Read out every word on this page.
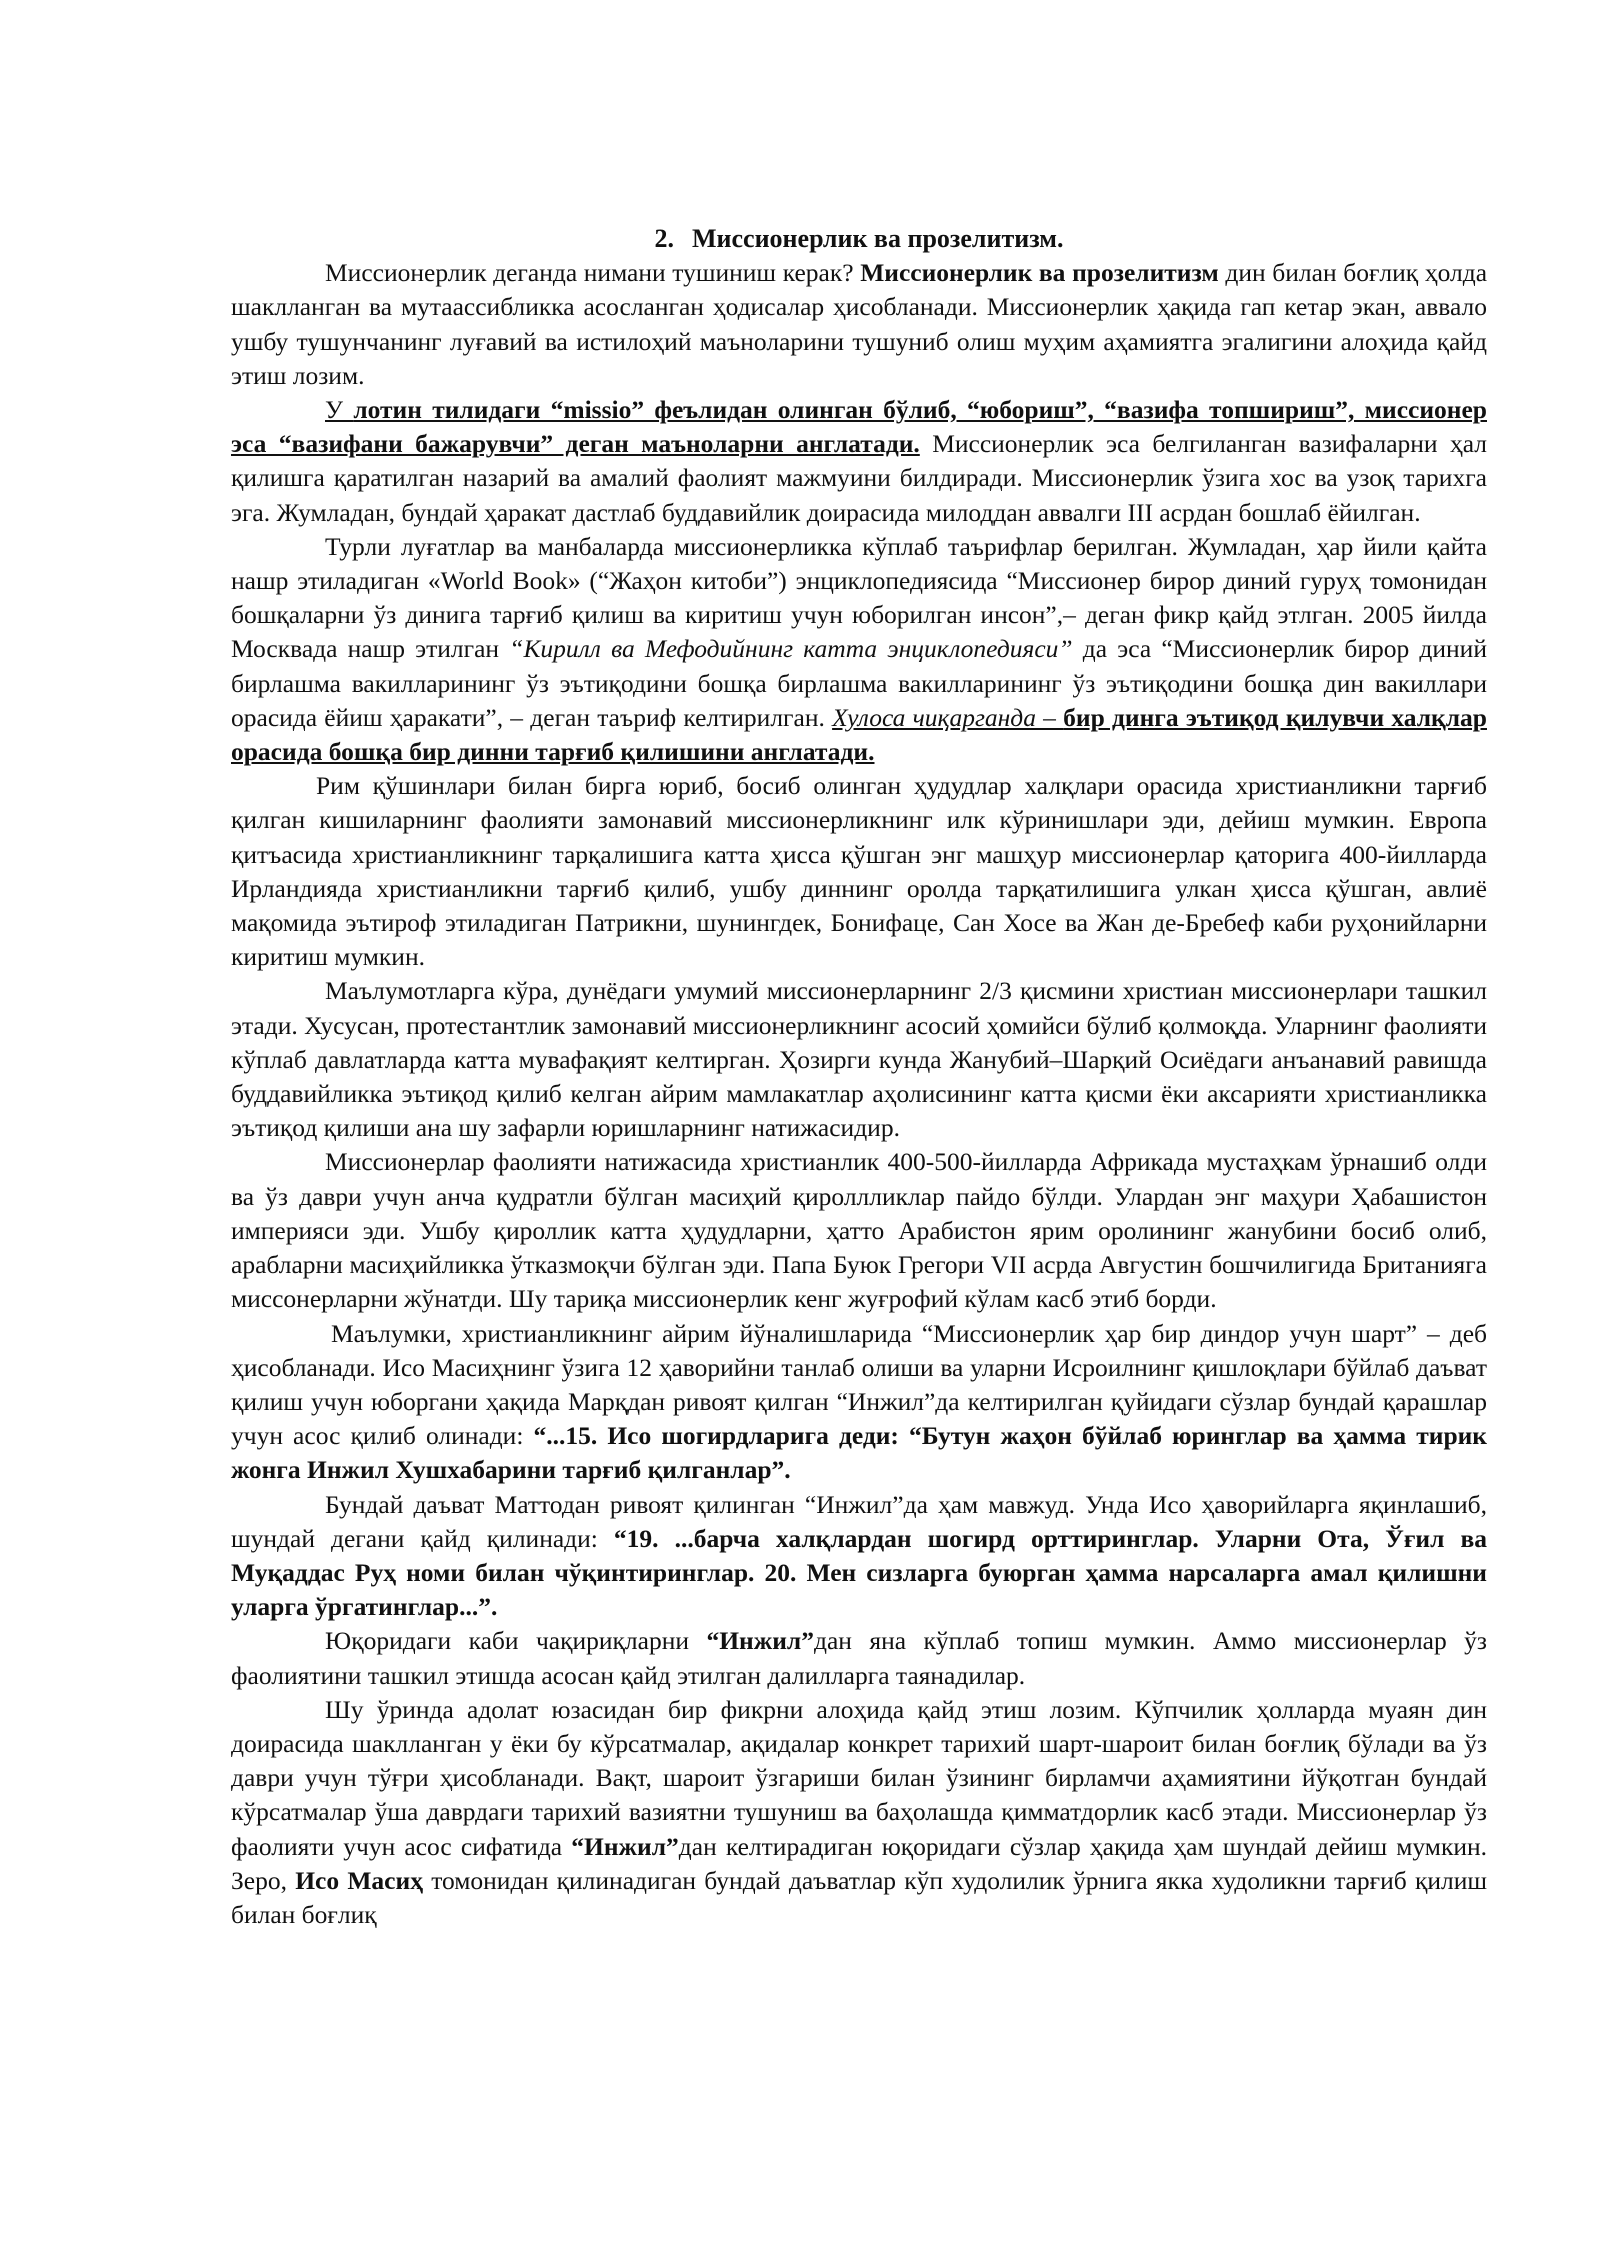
2. Миссионерлик ва прозелитизм.

Миссионерлик деганда нимани тушиниш керак? Миссионерлик ва прозелитизм дин билан боғлиқ ҳолда шаклланган ва мутаассибликка асосланган ҳодисалар ҳисобланади. Миссионерлик ҳақида гап кетар экан, аввало ушбу тушунчанинг луғавий ва истилоҳий маъноларини тушуниб олиш муҳим аҳамиятга эгалигини алоҳида қайд этиш лозим.

У лотин тилидаги “missio” феълидан олинган бўлиб, “юбориш”, “вазифа топшириш”, миссионер эса “вазифани бажарувчи” деган маъноларни англатади. Миссионерлик эса белгиланган вазифаларни ҳал қилишга қаратилган назарий ва амалий фаолият мажмуини билдиради. Миссионерлик ўзига хос ва узоқ тарихга эга. Жумладан, бундай ҳаракат дастлаб буддавийлик доирасида милоддан аввалги III асрдан бошлаб ёйилган.

Турли луғатлар ва манбаларда миссионерликка кўплаб таърифлар берилган. Жумладан, ҳар йили қайта нашр этиладиган «World Book» (“Жаҳон китоби”) энциклопедиясида “Миссионер бирор диний гуруҳ томонидан бошқаларни ўз динига тарғиб қилиш ва киритиш учун юборилган инсон”,– деган фикр қайд этлган. 2005 йилда Москвада нашр этилган “Кирилл ва Мефодийнинг катта энциклопедияси” да эса “Миссионерлик бирор диний бирлашма вакилларининг ўз эътиқодини бошқа бирлашма вакилларининг ўз эътиқодини бошқа дин вакиллари орасида ёйиш ҳаракати”, – деган таъриф келтирилган. Хулоса чиқарганда – бир динга эътиқод қилувчи халқлар орасида бошқа бир динни тарғиб қилишини англатади.

Рим қўшинлари билан бирга юриб, босиб олинган ҳудудлар халқлари орасида христианликни тарғиб қилган кишиларнинг фаолияти замонавий миссионерликнинг илк кўринишлари эди, дейиш мумкин. Европа қитъасида христианликнинг тарқалишига катта ҳисса қўшган энг машҳур миссионерлар қаторига 400-йилларда Ирландияда христианликни тарғиб қилиб, ушбу диннинг оролда тарқатилишига улкан ҳисса қўшган, авлиё мақомида эътироф этиладиган Патрикни, шунингдек, Бонифаце, Сан Хосе ва Жан де-Бребеф каби руҳонийларни киритиш мумкин.

Маълумотларга кўра, дунёдаги умумий миссионерларнинг 2/3 қисмини христиан миссионерлари ташкил этади. Хусусан, протестантлик замонавий миссионерликнинг асосий ҳомийси бўлиб қолмоқда. Уларнинг фаолияти кўплаб давлатларда катта мувафақият келтирган. Ҳозирги кунда Жанубий–Шарқий Осиёдаги анъанавий равишда буддавийликка эътиқод қилиб келган айрим мамлакатлар аҳолисининг катта қисми ёки аксарияти христианликка эътиқод қилиши ана шу зафарли юришларнинг натижасидир.

Миссионерлар фаолияти натижасида христианлик 400-500-йилларда Африкада мустаҳкам ўрнашиб олди ва ўз даври учун анча қудратли бўлган масиҳий қироллликлар пайдо бўлди. Улардан энг маҳури Ҳабашистон империяси эди. Ушбу қироллик катта ҳудудларни, ҳатто Арабистон ярим оролининг жанубини босиб олиб, арабларни масиҳийликка ўтказмоқчи бўлган эди. Папа Буюк Грегори VII асрда Августин бошчилигида Британияга миссонерларни жўнатди. Шу тариқа миссионерлик кенг жуғрофий кўлам касб этиб борди.

Маълумки, христианликнинг айрим йўналишларида “Миссионерлик ҳар бир диндор учун шарт” – деб ҳисобланади. Исо Масиҳнинг ўзига 12 ҳаворийни танлаб олиши ва уларни Исроилнинг қишлоқлари бўйлаб даъват қилиш учун юборгани ҳақида Марқдан ривоят қилган “Инжил”да келтирилган қуйидаги сўзлар бундай қарашлар учун асос қилиб олинади: “...15. Исо шогирдларига деди: “Бутун жаҳон бўйлаб юринглар ва ҳамма тирик жонга Инжил Хушхабарини тарғиб қилганлар”.

Бундай даъват Маттодан ривоят қилинган “Инжил”да ҳам мавжуд. Унда Исо ҳаворийларга яқинлашиб, шундай дегани қайд қилинади: “19. ...барча халқлардан шогирд орттиринглар. Уларни Ота, Ўғил ва Муқаддас Руҳ номи билан чўқинтиринглар. 20. Мен сизларга буюрган ҳамма нарсаларга амал қилишни уларга ўргатинглар...”.

Юқоридаги каби чақириқларни “Инжил”дан яна кўплаб топиш мумкин. Аммо миссионерлар ўз фаолиятини ташкил этишда асосан қайд этилган далилларга таянадилар.

Шу ўринда адолат юзасидан бир фикрни алоҳида қайд этиш лозим. Кўпчилик ҳолларда муаян дин доирасида шаклланган у ёки бу кўрсатмалар, ақидалар конкрет тарихий шарт-шароит билан боғлиқ бўлади ва ўз даври учун тўғри ҳисобланади. Вақт, шароит ўзгариши билан ўзининг бирламчи аҳамиятини йўқотган бундай кўрсатмалар ўша даврдаги тарихий вазиятни тушуниш ва баҳолашда қимматдорлик касб этади. Миссионерлар ўз фаолияти учун асос сифатида “Инжил”дан келтирадиган юқоридаги сўзлар ҳақида ҳам шундай дейиш мумкин. Зеро, Исо Масиҳ томонидан қилинадиган бундай даъватлар кўп худолилик ўрнига якка худоликни тарғиб қилиш билан боғлиқ
